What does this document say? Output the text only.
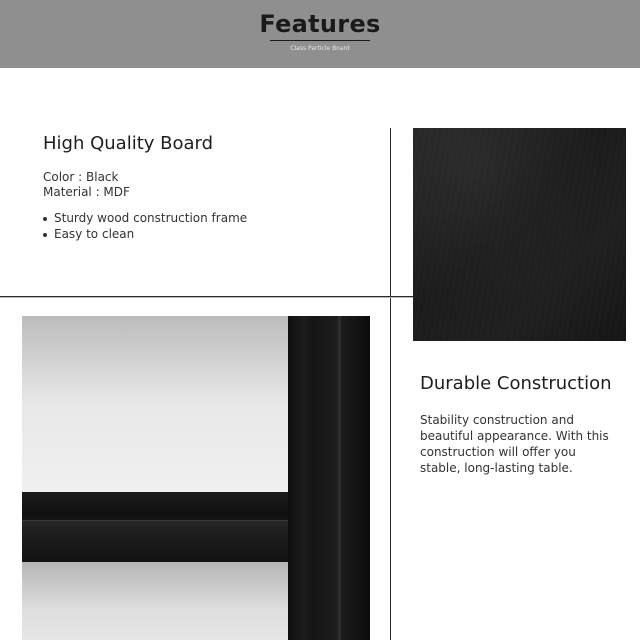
Features
Class Particle Board
High Quality Board
Color : Black
Material : MDF
Sturdy wood construction frame
Easy to clean
Durable Construction
Stability construction and beautiful appearance. With this construction will offer you stable, long-lasting table.
